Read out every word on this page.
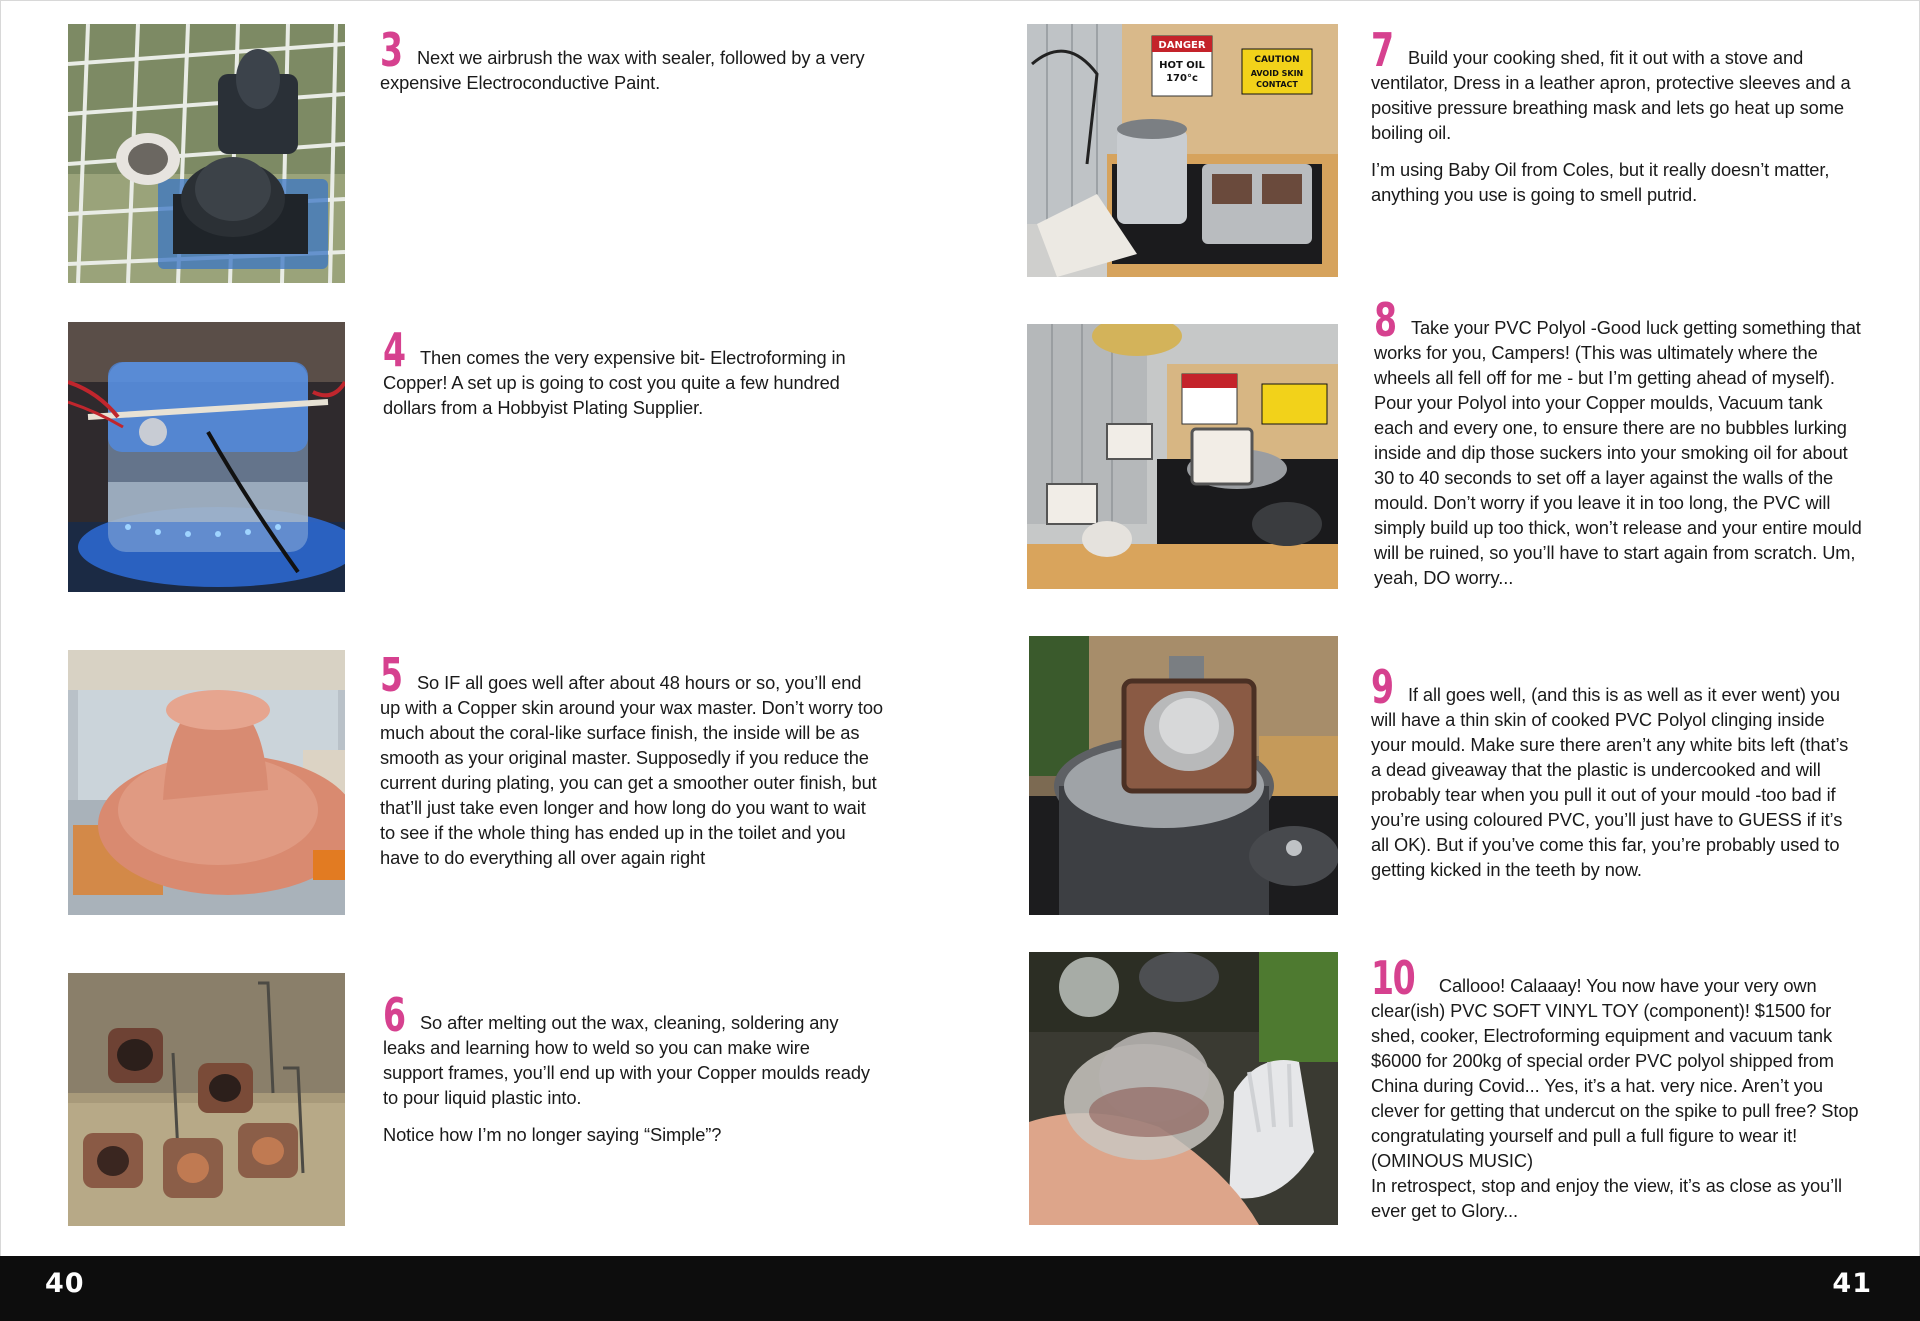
3 Next we airbrush the wax with sealer, followed by a very expensive Electroconductive Paint.

4 Then comes the very expensive bit- Electroforming in Copper! A set up is going to cost you quite a few hundred dollars from a Hobbyist Plating Supplier.

5 So IF all goes well after about 48 hours or so, you’ll end up with a Copper skin around your wax master. Don’t worry too much about the coral-like surface finish, the inside will be as smooth as your original master. Supposedly if you reduce the current during plating, you can get a smoother outer finish, but that’ll just take even longer and how long do you want to wait to see if the whole thing has ended up in the toilet and you have to do everything all over again right

6 So after melting out the wax, cleaning, soldering any leaks and learning how to weld so you can make wire support frames, you’ll end up with your Copper moulds ready to pour liquid plastic into.

Notice how I’m no longer saying “Simple”?

DANGER
HOT OIL
170°c
CAUTION
AVOID SKIN
CONTACT

7 Build your cooking shed, fit it out with a stove and ventilator, Dress in a leather apron, protective sleeves and a positive pressure breathing mask and lets go heat up some boiling oil.

I’m using Baby Oil from Coles, but it really doesn’t matter, anything you use is going to smell putrid.

8 Take your PVC Polyol -Good luck getting something that works for you, Campers! (This was ultimately where the wheels all fell off for me - but I’m getting ahead of myself). Pour your Polyol into your Copper moulds, Vacuum tank each and every one, to ensure there are no bubbles lurking inside and dip those suckers into your smoking oil for about 30 to 40 seconds to set off a layer against the walls of the mould. Don’t worry if you leave it in too long, the PVC will simply build up too thick, won’t release and your entire mould will be ruined, so you’ll have to start again from scratch. Um, yeah, DO worry...

9 If all goes well, (and this is as well as it ever went) you will have a thin skin of cooked PVC Polyol clinging inside your mould. Make sure there aren’t any white bits left (that’s a dead giveaway that the plastic is undercooked and will probably tear when you pull it out of your mould -too bad if you’re using coloured PVC, you’ll just have to GUESS if it’s all OK). But if you’ve come this far, you’re probably used to getting kicked in the teeth by now.

10 Callooo! Calaaay! You now have your very own clear(ish) PVC SOFT VINYL TOY (component)! $1500 for shed, cooker, Electroforming equipment and vacuum tank $6000 for 200kg of special order PVC polyol shipped from China during Covid... Yes, it’s a hat. very nice. Aren’t you clever for getting that undercut on the spike to pull free? Stop congratulating yourself and pull a full figure to wear it! (OMINOUS MUSIC)
In retrospect, stop and enjoy the view, it’s as close as you’ll ever get to Glory...

40	41
